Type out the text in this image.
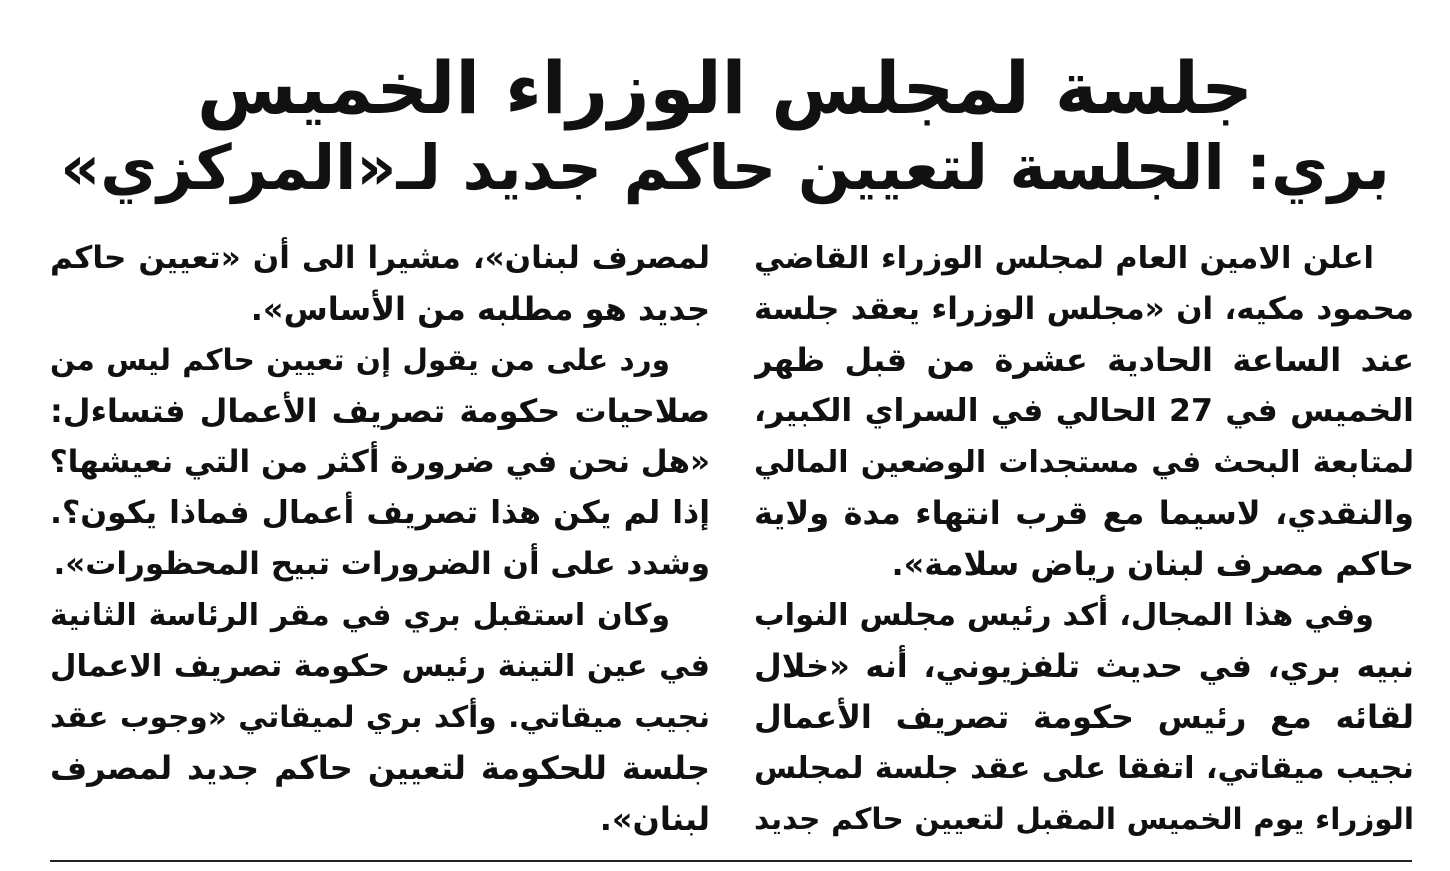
جلسة لمجلس الوزراء الخميس
بري: الجلسة لتعيين حاكم جديد لـ«المركزي»
اعلن الامين العام لمجلس الوزراء القاضي
محمود مكيه، ان «مجلس الوزراء يعقد جلسة
عند الساعة الحادية عشرة من قبل ظهر
الخميس في 27 الحالي في السراي الكبير،
لمتابعة البحث في مستجدات الوضعين المالي
والنقدي، لاسيما مع قرب انتهاء مدة ولاية
حاكم مصرف لبنان رياض سلامة».
وفي هذا المجال، أكد رئيس مجلس النواب
نبيه بري، في حديث تلفزيوني، أنه «خلال
لقائه مع رئيس حكومة تصريف الأعمال
نجيب ميقاتي، اتفقا على عقد جلسة لمجلس
الوزراء يوم الخميس المقبل لتعيين حاكم جديد
لمصرف لبنان»، مشيرا الى أن «تعيين حاكم
جديد هو مطلبه من الأساس».
ورد على من يقول إن تعيين حاكم ليس من
صلاحيات حكومة تصريف الأعمال فتساءل:
«هل نحن في ضرورة أكثر من التي نعيشها؟
إذا لم يكن هذا تصريف أعمال فماذا يكون؟.
وشدد على أن الضرورات تبيح المحظورات».
وكان استقبل بري في مقر الرئاسة الثانية
في عين التينة رئيس حكومة تصريف الاعمال
نجيب ميقاتي. وأكد بري لميقاتي «وجوب عقد
جلسة للحكومة لتعيين حاكم جديد لمصرف
لبنان».
